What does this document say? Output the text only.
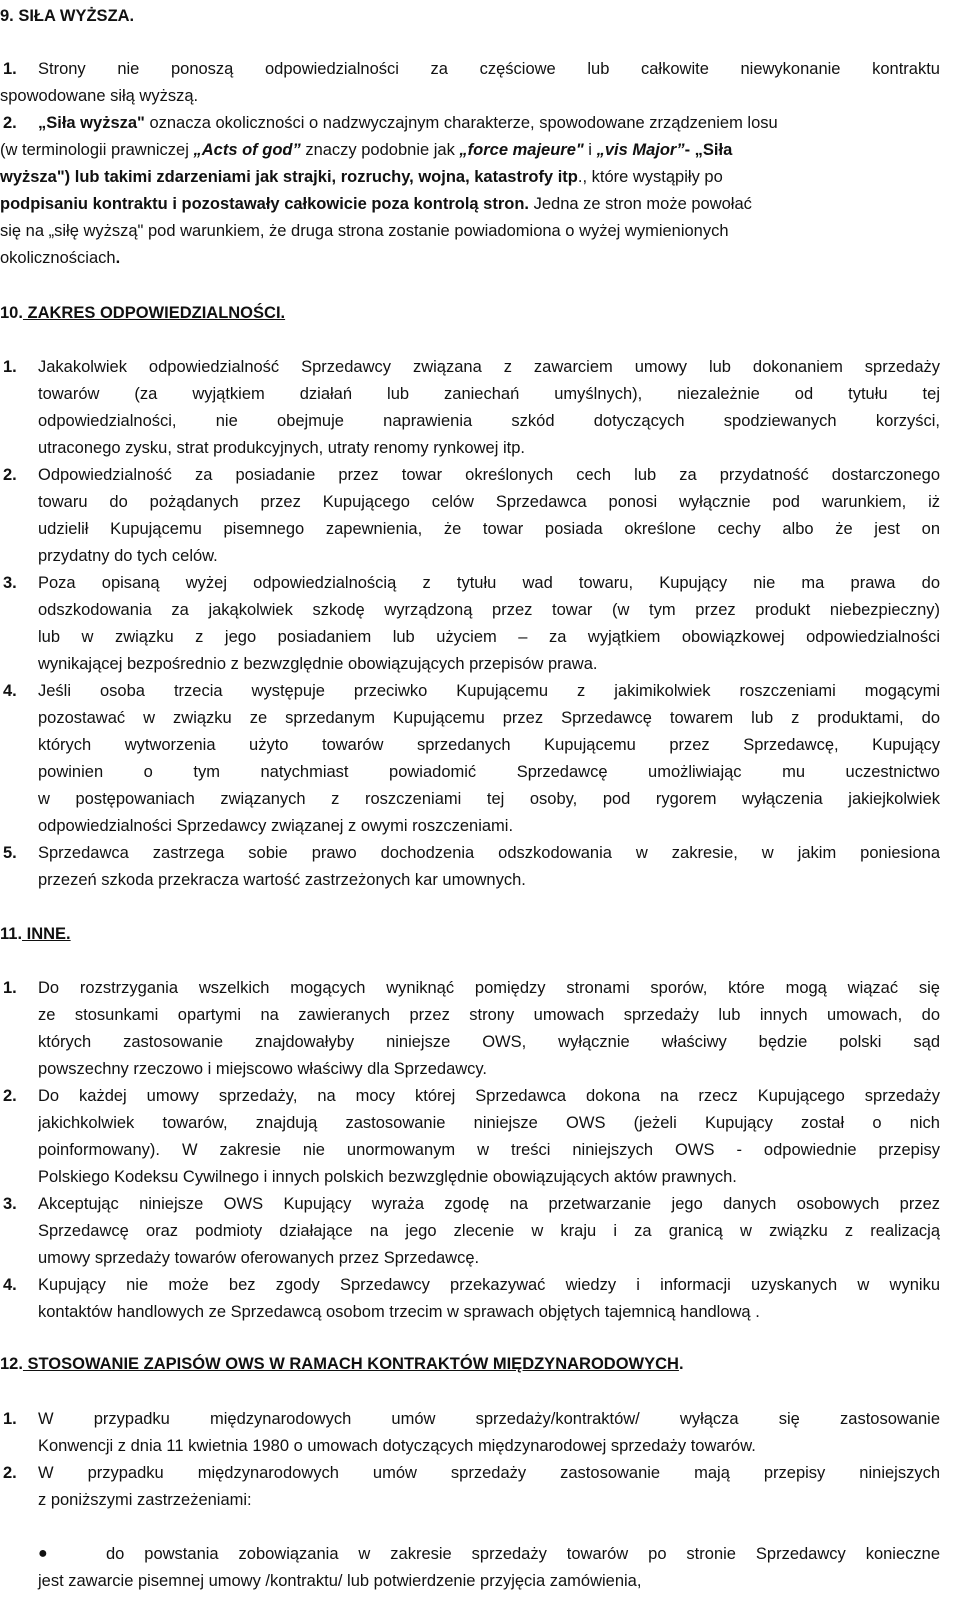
9. SIŁA WYŻSZA.
1. Strony nie ponoszą odpowiedzialności za częściowe lub całkowite niewykonanie kontraktu
spowodowane siłą wyższą.
2. „Siła wyższa" oznacza okoliczności o nadzwyczajnym charakterze, spowodowane zrządzeniem losu
(w terminologii prawniczej „Acts of god” znaczy podobnie jak „force majeure" i „vis Major”- „Siła
wyższa") lub takimi zdarzeniami jak strajki, rozruchy, wojna, katastrofy itp., które wystąpiły po
podpisaniu kontraktu i pozostawały całkowicie poza kontrolą stron. Jedna ze stron może powołać
się na „siłę wyższą" pod warunkiem, że druga strona zostanie powiadomiona o wyżej wymienionych
okolicznościach.
10. ZAKRES ODPOWIEDZIALNOŚCI.
1. Jakakolwiek odpowiedzialność Sprzedawcy związana z zawarciem umowy lub dokonaniem sprzedaży
towarów (za wyjątkiem działań lub zaniechań umyślnych), niezależnie od tytułu tej
odpowiedzialności, nie obejmuje naprawienia szkód dotyczących spodziewanych korzyści,
utraconego zysku, strat produkcyjnych, utraty renomy rynkowej itp.
2. Odpowiedzialność za posiadanie przez towar określonych cech lub za przydatność dostarczonego
towaru do pożądanych przez Kupującego celów Sprzedawca ponosi wyłącznie pod warunkiem, iż
udzielił Kupującemu pisemnego zapewnienia, że towar posiada określone cechy albo że jest on
przydatny do tych celów.
3. Poza opisaną wyżej odpowiedzialnością z tytułu wad towaru, Kupujący nie ma prawa do
odszkodowania za jakąkolwiek szkodę wyrządzoną przez towar (w tym przez produkt niebezpieczny)
lub w związku z jego posiadaniem lub użyciem – za wyjątkiem obowiązkowej odpowiedzialności
wynikającej bezpośrednio z bezwzględnie obowiązujących przepisów prawa.
4. Jeśli osoba trzecia występuje przeciwko Kupującemu z jakimikolwiek roszczeniami mogącymi
pozostawać w związku ze sprzedanym Kupującemu przez Sprzedawcę towarem lub z produktami, do
których wytworzenia użyto towarów sprzedanych Kupującemu przez Sprzedawcę, Kupujący
powinien o tym natychmiast powiadomić Sprzedawcę umożliwiając mu uczestnictwo
w postępowaniach związanych z roszczeniami tej osoby, pod rygorem wyłączenia jakiejkolwiek
odpowiedzialności Sprzedawcy związanej z owymi roszczeniami.
5. Sprzedawca zastrzega sobie prawo dochodzenia odszkodowania w zakresie, w jakim poniesiona
przezeń szkoda przekracza wartość zastrzeżonych kar umownych.
11. INNE.
1. Do rozstrzygania wszelkich mogących wyniknąć pomiędzy stronami sporów, które mogą wiązać się
ze stosunkami opartymi na zawieranych przez strony umowach sprzedaży lub innych umowach, do
których zastosowanie znajdowałyby niniejsze OWS, wyłącznie właściwy będzie polski sąd
powszechny rzeczowo i miejscowo właściwy dla Sprzedawcy.
2. Do każdej umowy sprzedaży, na mocy której Sprzedawca dokona na rzecz Kupującego sprzedaży
jakichkolwiek towarów, znajdują zastosowanie niniejsze OWS (jeżeli Kupujący został o nich
poinformowany). W zakresie nie unormowanym w treści niniejszych OWS - odpowiednie przepisy
Polskiego Kodeksu Cywilnego i innych polskich bezwzględnie obowiązujących aktów prawnych.
3. Akceptując niniejsze OWS Kupujący wyraża zgodę na przetwarzanie jego danych osobowych przez
Sprzedawcę oraz podmioty działające na jego zlecenie w kraju i za granicą w związku z realizacją
umowy sprzedaży towarów oferowanych przez Sprzedawcę.
4. Kupujący nie może bez zgody Sprzedawcy przekazywać wiedzy i informacji uzyskanych w wyniku
kontaktów handlowych ze Sprzedawcą osobom trzecim w sprawach objętych tajemnicą handlową .
12. STOSOWANIE ZAPISÓW OWS W RAMACH KONTRAKTÓW MIĘDZYNARODOWYCH.
1. W przypadku międzynarodowych umów sprzedaży/kontraktów/ wyłącza się zastosowanie
Konwencji z dnia 11 kwietnia 1980 o umowach dotyczących międzynarodowej sprzedaży towarów.
2. W przypadku międzynarodowych umów sprzedaży zastosowanie mają przepisy niniejszych
z poniższymi zastrzeżeniami:
●	do powstania zobowiązania w zakresie sprzedaży towarów po stronie Sprzedawcy konieczne
jest zawarcie pisemnej umowy /kontraktu/ lub potwierdzenie przyjęcia zamówienia,
